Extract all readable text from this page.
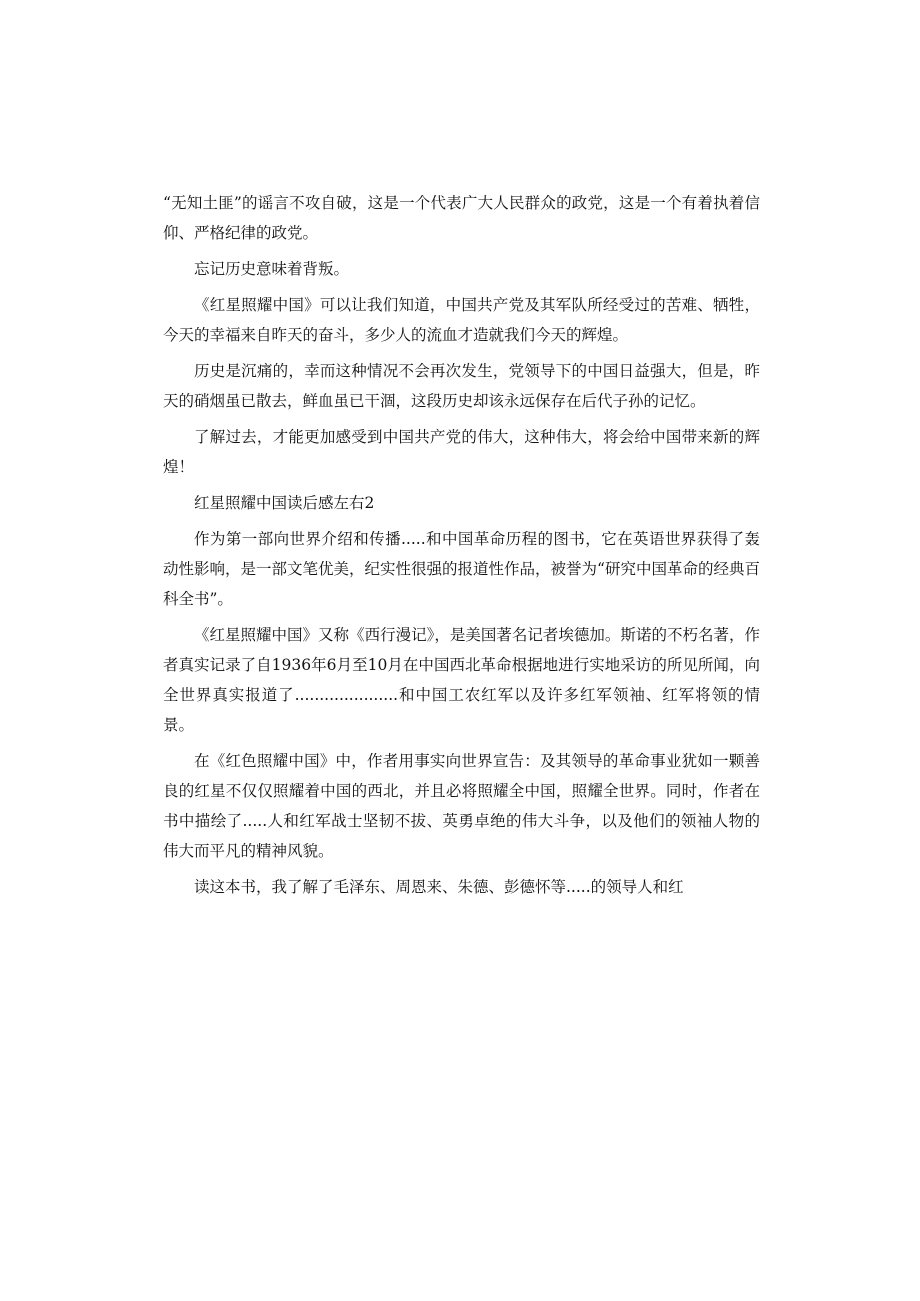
“无知土匪”的谣言不攻自破，这是一个代表广大人民群众的政党，这是一个有着执着信仰、严格纪律的政党。

忘记历史意味着背叛。

《红星照耀中国》可以让我们知道，中国共产党及其军队所经受过的苦难、牺牲，今天的幸福来自昨天的奋斗，多少人的流血才造就我们今天的辉煌。

历史是沉痛的，幸而这种情况不会再次发生，党领导下的中国日益强大，但是，昨天的硝烟虽已散去，鲜血虽已干涸，这段历史却该永远保存在后代子孙的记忆。

了解过去，才能更加感受到中国共产党的伟大，这种伟大，将会给中国带来新的辉煌！

红星照耀中国读后感左右2

作为第一部向世界介绍和传播.....和中国革命历程的图书，它在英语世界获得了轰动性影响，是一部文笔优美，纪实性很强的报道性作品，被誉为“研究中国革命的经典百科全书”。

《红星照耀中国》又称《西行漫记》，是美国著名记者埃德加。斯诺的不朽名著，作者真实记录了自1936年6月至10月在中国西北革命根据地进行实地采访的所见所闻，向全世界真实报道了.....................和中国工农红军以及许多红军领袖、红军将领的情景。

在《红色照耀中国》中，作者用事实向世界宣告：及其领导的革命事业犹如一颗善良的红星不仅仅照耀着中国的西北，并且必将照耀全中国，照耀全世界。同时，作者在书中描绘了.....人和红军战士坚韧不拔、英勇卓绝的伟大斗争，以及他们的领袖人物的伟大而平凡的精神风貌。

读这本书，我了解了毛泽东、周恩来、朱德、彭德怀等.....的领导人和红
